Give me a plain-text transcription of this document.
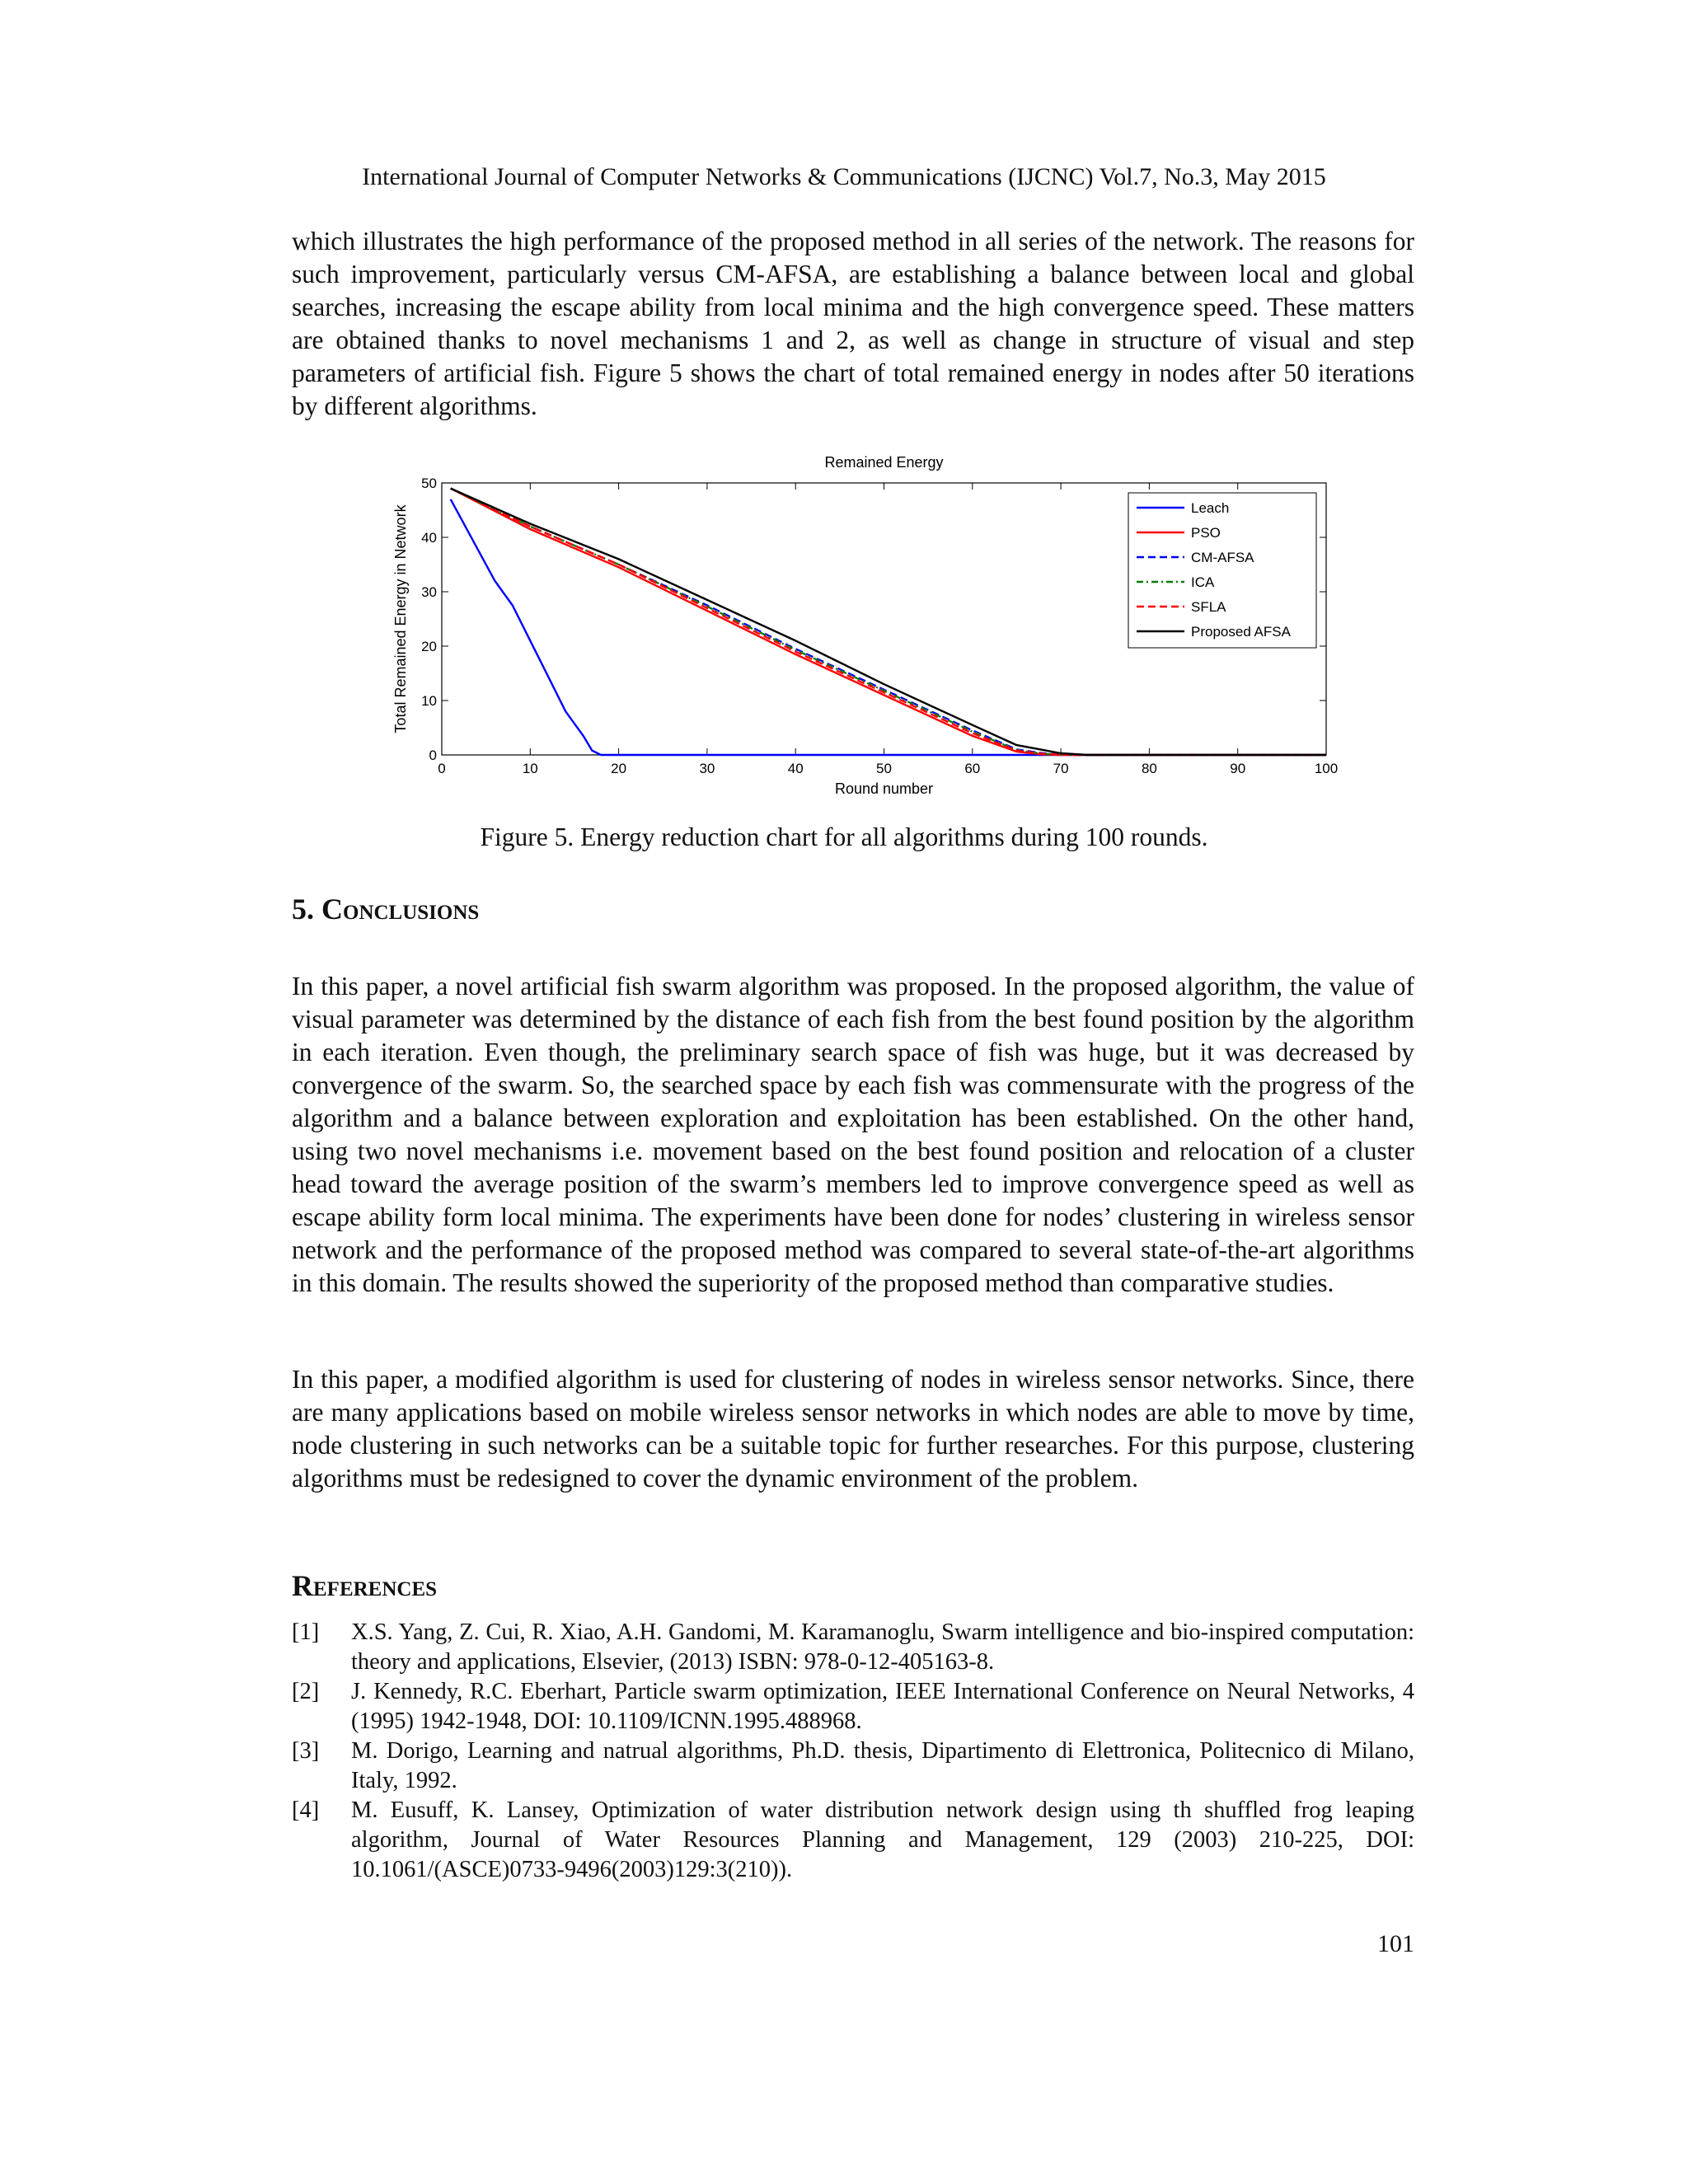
International Journal of Computer Networks & Communications (IJCNC) Vol.7, No.3, May 2015

which illustrates the high performance of the proposed method in all series of the network. The reasons for such improvement, particularly versus CM-AFSA, are establishing a balance between local and global searches, increasing the escape ability from local minima and the high convergence speed. These matters are obtained thanks to novel mechanisms 1 and 2, as well as change in structure of visual and step parameters of artificial fish. Figure 5 shows the chart of total remained energy in nodes after 50 iterations by different algorithms.

0	10	20	30	40	50	60	70	80	90	100
0
10
20
30
40
50
Remained Energy
Round number
Total Remained Energy in Network	Leach
PSO
CM-AFSA
ICA
SFLA
Proposed AFSA
Figure 5. Energy reduction chart for all algorithms during 100 rounds.
5. Conclusions

In this paper, a novel artificial fish swarm algorithm was proposed. In the proposed algorithm, the value of visual parameter was determined by the distance of each fish from the best found position by the algorithm in each iteration. Even though, the preliminary search space of fish was huge, but it was decreased by convergence of the swarm. So, the searched space by each fish was commensurate with the progress of the algorithm and a balance between exploration and exploitation has been established. On the other hand, using two novel mechanisms i.e. movement based on the best found position and relocation of a cluster head toward the average position of the swarm’s members led to improve convergence speed as well as escape ability form local minima. The experiments have been done for nodes’ clustering in wireless sensor network and the performance of the proposed method was compared to several state-of-the-art algorithms in this domain. The results showed the superiority of the proposed method than comparative studies.

In this paper, a modified algorithm is used for clustering of nodes in wireless sensor networks. Since, there are many applications based on mobile wireless sensor networks in which nodes are able to move by time, node clustering in such networks can be a suitable topic for further researches. For this purpose, clustering algorithms must be redesigned to cover the dynamic environment of the problem.

References
[1] X.S. Yang, Z. Cui, R. Xiao, A.H. Gandomi, M. Karamanoglu, Swarm intelligence and bio-inspired computation: theory and applications, Elsevier, (2013) ISBN: 978-0-12-405163-8.
[2] J. Kennedy, R.C. Eberhart, Particle swarm optimization, IEEE International Conference on Neural Networks, 4 (1995) 1942-1948, DOI: 10.1109/ICNN.1995.488968.
[3] M. Dorigo, Learning and natrual algorithms, Ph.D. thesis, Dipartimento di Elettronica, Politecnico di Milano, Italy, 1992.
[4] M. Eusuff, K. Lansey, Optimization of water distribution network design using th shuffled frog leaping algorithm, Journal of Water Resources Planning and Management, 129 (2003) 210-225, DOI: 10.1061/(ASCE)0733-9496(2003)129:3(210)).
101
